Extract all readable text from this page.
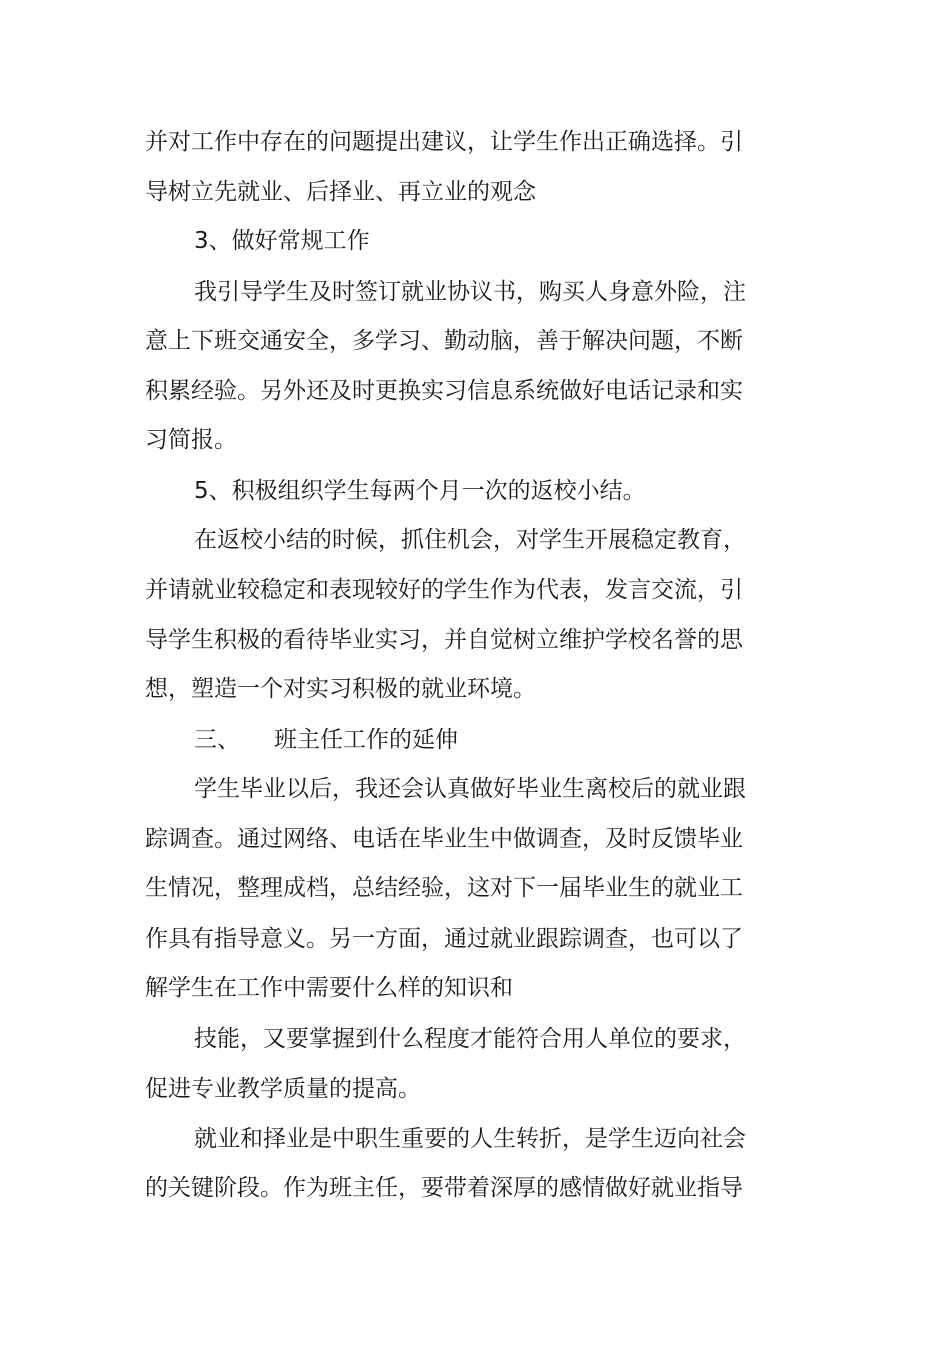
并对工作中存在的问题提出建议，让学生作出正确选择。引

导树立先就业、后择业、再立业的观念

3、做好常规工作

我引导学生及时签订就业协议书，购买人身意外险，注

意上下班交通安全，多学习、勤动脑，善于解决问题，不断

积累经验。另外还及时更换实习信息系统做好电话记录和实

习简报。

5、积极组织学生每两个月一次的返校小结。

在返校小结的时候，抓住机会，对学生开展稳定教育，

并请就业较稳定和表现较好的学生作为代表，发言交流，引

导学生积极的看待毕业实习，并自觉树立维护学校名誉的思

想，塑造一个对实习积极的就业环境。

三、 班主任工作的延伸

学生毕业以后，我还会认真做好毕业生离校后的就业跟

踪调查。通过网络、电话在毕业生中做调查，及时反馈毕业

生情况，整理成档，总结经验，这对下一届毕业生的就业工

作具有指导意义。另一方面，通过就业跟踪调查，也可以了

解学生在工作中需要什么样的知识和

技能，又要掌握到什么程度才能符合用人单位的要求，

促进专业教学质量的提高。

就业和择业是中职生重要的人生转折，是学生迈向社会

的关键阶段。作为班主任，要带着深厚的感情做好就业指导
